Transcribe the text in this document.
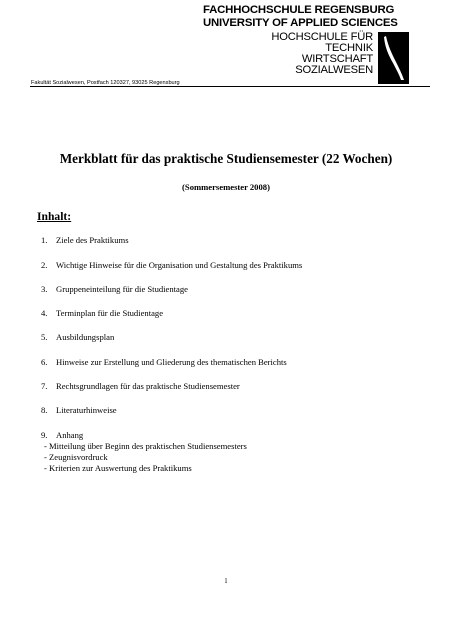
FACHHOCHSCHULE REGENSBURG
UNIVERSITY OF APPLIED SCIENCES
HOCHSCHULE FÜR
TECHNIK
WIRTSCHAFT
SOZIALWESEN
Fakultät Sozialwesen, Postfach 120327, 93025 Regensburg
Merkblatt für das praktische Studiensemester (22 Wochen)
(Sommersemester 2008)
Inhalt:
1. Ziele des Praktikums
2. Wichtige Hinweise für die Organisation und Gestaltung des Praktikums
3. Gruppeneinteilung für die Studientage
4. Terminplan für die Studientage
5. Ausbildungsplan
6. Hinweise zur Erstellung und Gliederung des thematischen Berichts
7. Rechtsgrundlagen für das praktische Studiensemester
8. Literaturhinweise
9. Anhang
- Mitteilung über Beginn des praktischen Studiensemesters
- Zeugnisvordruck
- Kriterien zur Auswertung des Praktikums
1
